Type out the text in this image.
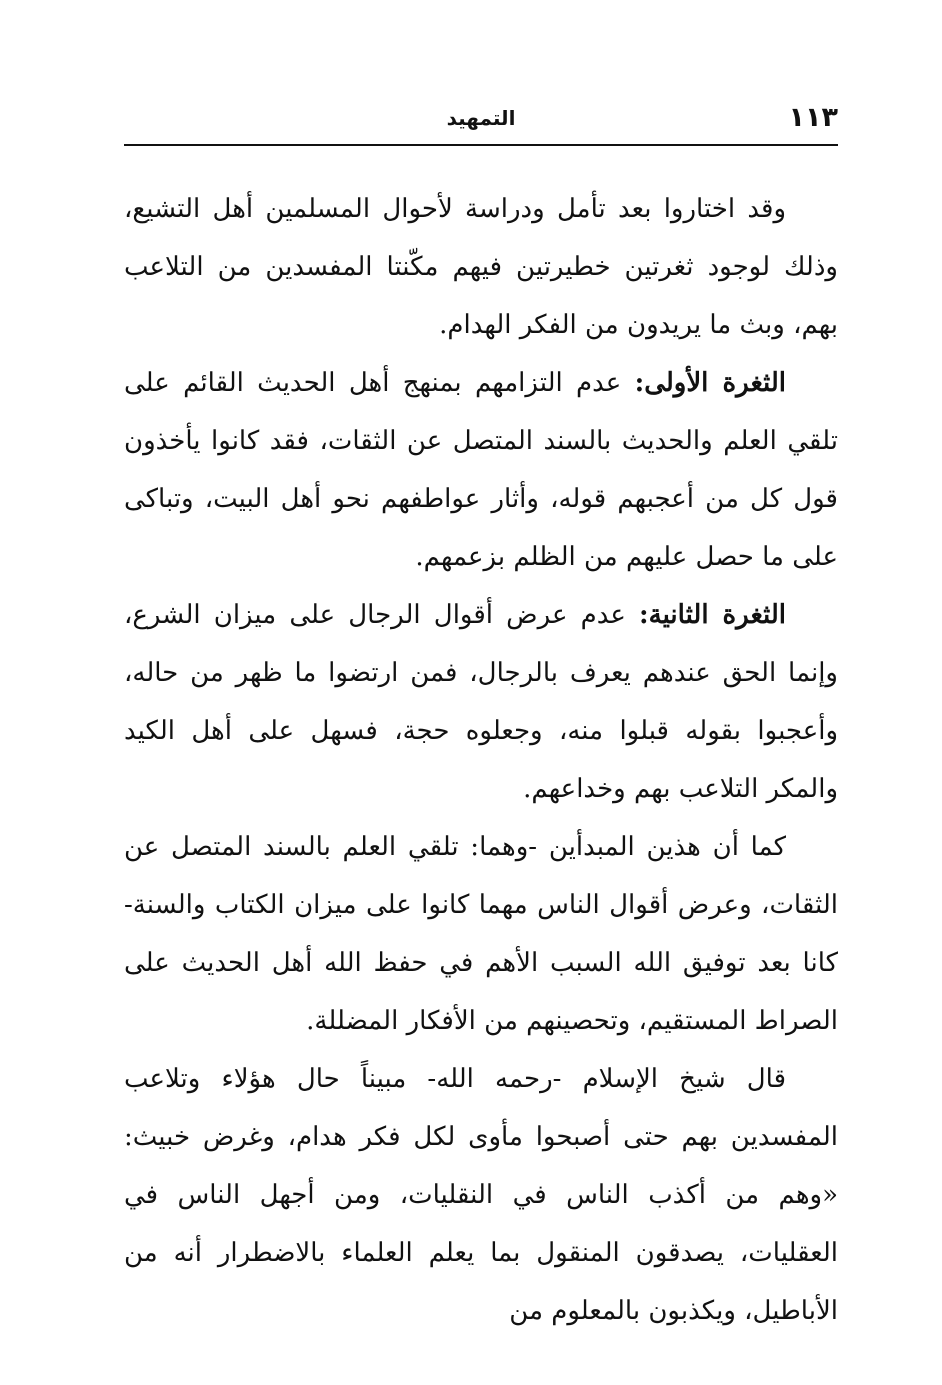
١١٣
التمهيد

وقد اختاروا بعد تأمل ودراسة لأحوال المسلمين أهل التشيع، وذلك لوجود ثغرتين خطيرتين فيهم مكّنتا المفسدين من التلاعب بهم، وبث ما يريدون من الفكر الهدام.

الثغرة الأولى: عدم التزامهم بمنهج أهل الحديث القائم على تلقي العلم والحديث بالسند المتصل عن الثقات، فقد كانوا يأخذون قول كل من أعجبهم قوله، وأثار عواطفهم نحو أهل البيت، وتباكى على ما حصل عليهم من الظلم بزعمهم.

الثغرة الثانية: عدم عرض أقوال الرجال على ميزان الشرع، وإنما الحق عندهم يعرف بالرجال، فمن ارتضوا ما ظهر من حاله، وأعجبوا بقوله قبلوا منه، وجعلوه حجة، فسهل على أهل الكيد والمكر التلاعب بهم وخداعهم.

كما أن هذين المبدأين -وهما: تلقي العلم بالسند المتصل عن الثقات، وعرض أقوال الناس مهما كانوا على ميزان الكتاب والسنة-كانا بعد توفيق الله السبب الأهم في حفظ الله أهل الحديث على الصراط المستقيم، وتحصينهم من الأفكار المضللة.

قال شيخ الإسلام -رحمه الله- مبيناً حال هؤلاء وتلاعب المفسدين بهم حتى أصبحوا مأوى لكل فكر هدام، وغرض خبيث: «وهم من أكذب الناس في النقليات، ومن أجهل الناس في العقليات، يصدقون المنقول بما يعلم العلماء بالاضطرار أنه من الأباطيل، ويكذبون بالمعلوم من
